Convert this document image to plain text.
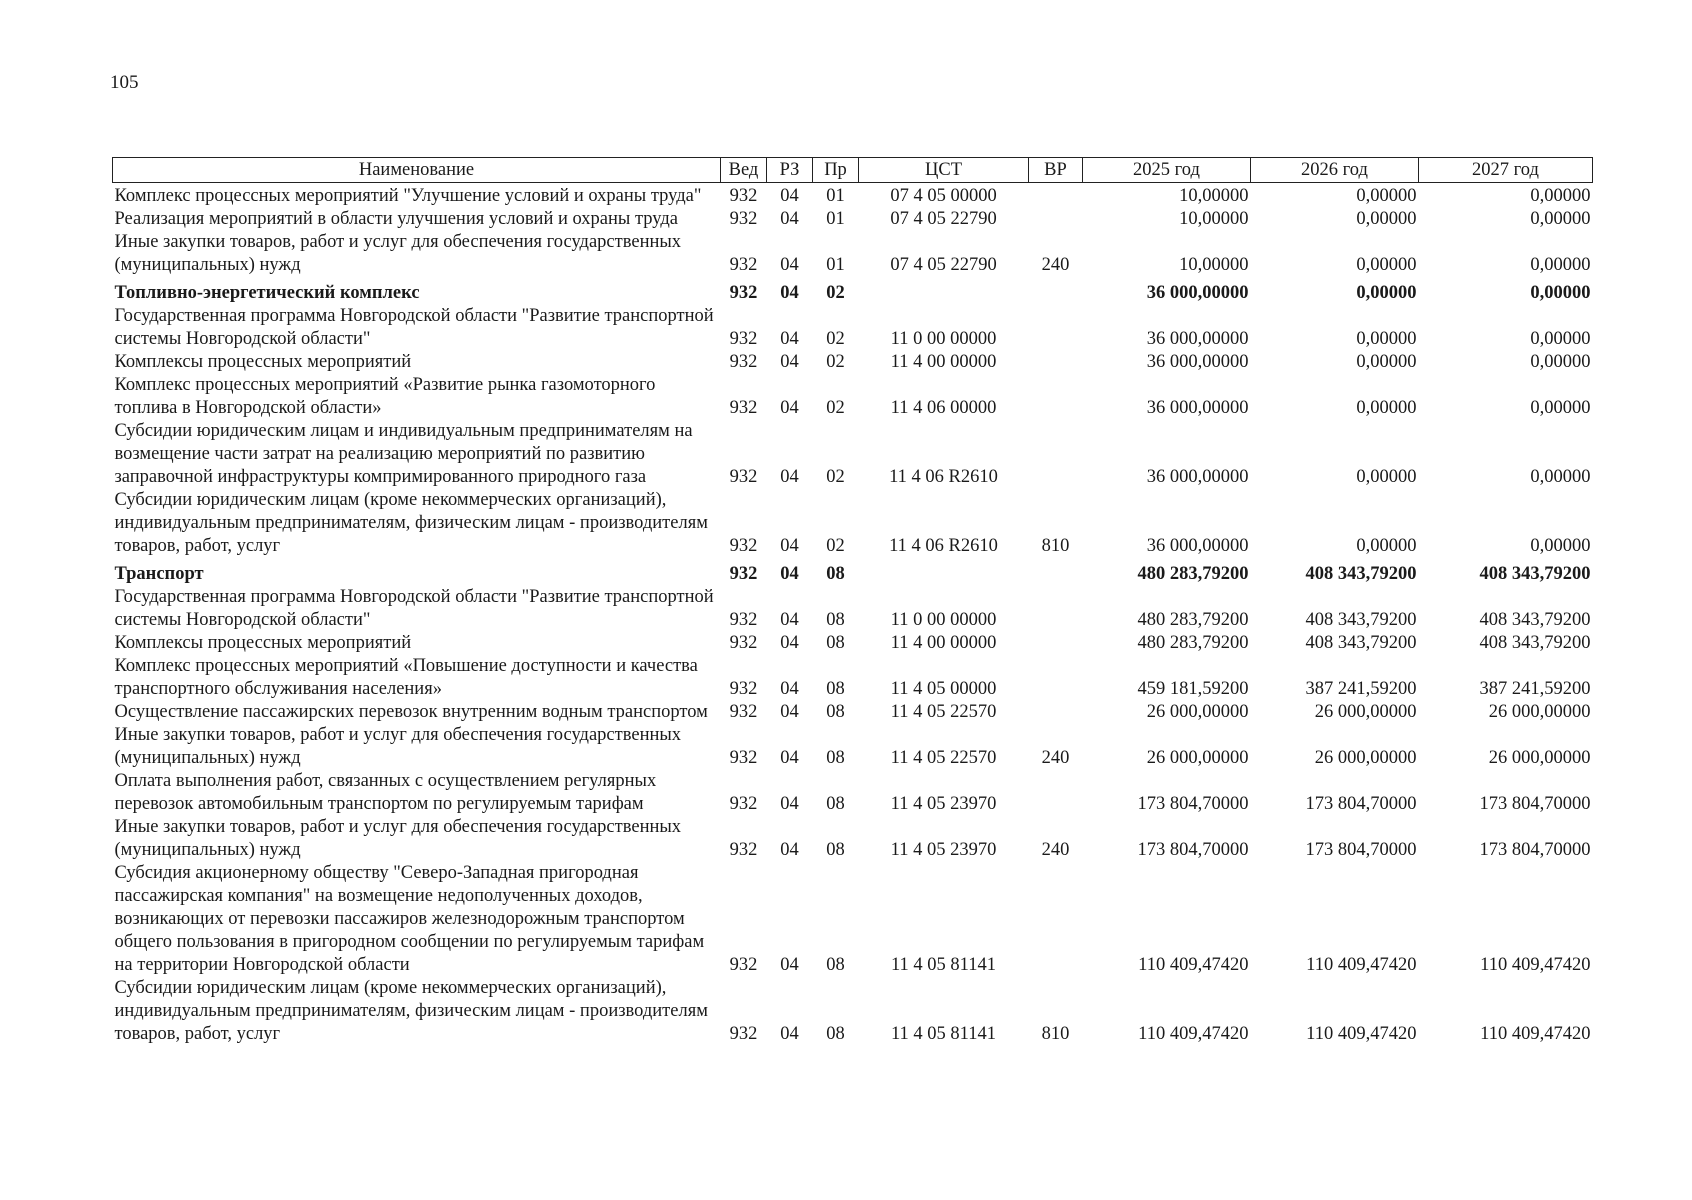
105
Наименование	Вед	РЗ	Пр	ЦСТ	ВР	2025 год	2026 год	2027 год
Комплекс процессных мероприятий "Улучшение условий и охраны труда"	932	04	01	07 4 05 00000		10,00000	0,00000	0,00000
Реализация мероприятий в области улучшения условий и охраны труда	932	04	01	07 4 05 22790		10,00000	0,00000	0,00000
Иные закупки товаров, работ и услуг для обеспечения государственных (муниципальных) нужд	932	04	01	07 4 05 22790	240	10,00000	0,00000	0,00000
Топливно-энергетический комплекс	932	04	02			36 000,00000	0,00000	0,00000
Государственная программа Новгородской области "Развитие транспортной системы Новгородской области"	932	04	02	11 0 00 00000		36 000,00000	0,00000	0,00000
Комплексы процессных мероприятий	932	04	02	11 4 00 00000		36 000,00000	0,00000	0,00000
Комплекс процессных мероприятий «Развитие рынка газомоторного топлива в Новгородской области»	932	04	02	11 4 06 00000		36 000,00000	0,00000	0,00000
Субсидии юридическим лицам и индивидуальным предпринимателям на возмещение части затрат на реализацию мероприятий по развитию заправочной инфраструктуры компримированного природного газа	932	04	02	11 4 06 R2610		36 000,00000	0,00000	0,00000
Субсидии юридическим лицам (кроме некоммерческих организаций), индивидуальным предпринимателям, физическим лицам - производителям товаров, работ, услуг	932	04	02	11 4 06 R2610	810	36 000,00000	0,00000	0,00000
Транспорт	932	04	08			480 283,79200	408 343,79200	408 343,79200
Государственная программа Новгородской области "Развитие транспортной системы Новгородской области"	932	04	08	11 0 00 00000		480 283,79200	408 343,79200	408 343,79200
Комплексы процессных мероприятий	932	04	08	11 4 00 00000		480 283,79200	408 343,79200	408 343,79200
Комплекс процессных мероприятий «Повышение доступности и качества транспортного обслуживания населения»	932	04	08	11 4 05 00000		459 181,59200	387 241,59200	387 241,59200
Осуществление пассажирских перевозок внутренним водным транспортом	932	04	08	11 4 05 22570		26 000,00000	26 000,00000	26 000,00000
Иные закупки товаров, работ и услуг для обеспечения государственных (муниципальных) нужд	932	04	08	11 4 05 22570	240	26 000,00000	26 000,00000	26 000,00000
Оплата выполнения работ, связанных с осуществлением регулярных перевозок автомобильным транспортом по регулируемым тарифам	932	04	08	11 4 05 23970		173 804,70000	173 804,70000	173 804,70000
Иные закупки товаров, работ и услуг для обеспечения государственных (муниципальных) нужд	932	04	08	11 4 05 23970	240	173 804,70000	173 804,70000	173 804,70000
Субсидия акционерному обществу "Северо-Западная пригородная пассажирская компания" на возмещение недополученных доходов, возникающих от перевозки пассажиров железнодорожным транспортом общего пользования в пригородном сообщении по регулируемым тарифам на территории Новгородской области	932	04	08	11 4 05 81141		110 409,47420	110 409,47420	110 409,47420
Субсидии юридическим лицам (кроме некоммерческих организаций), индивидуальным предпринимателям, физическим лицам - производителям товаров, работ, услуг	932	04	08	11 4 05 81141	810	110 409,47420	110 409,47420	110 409,47420
